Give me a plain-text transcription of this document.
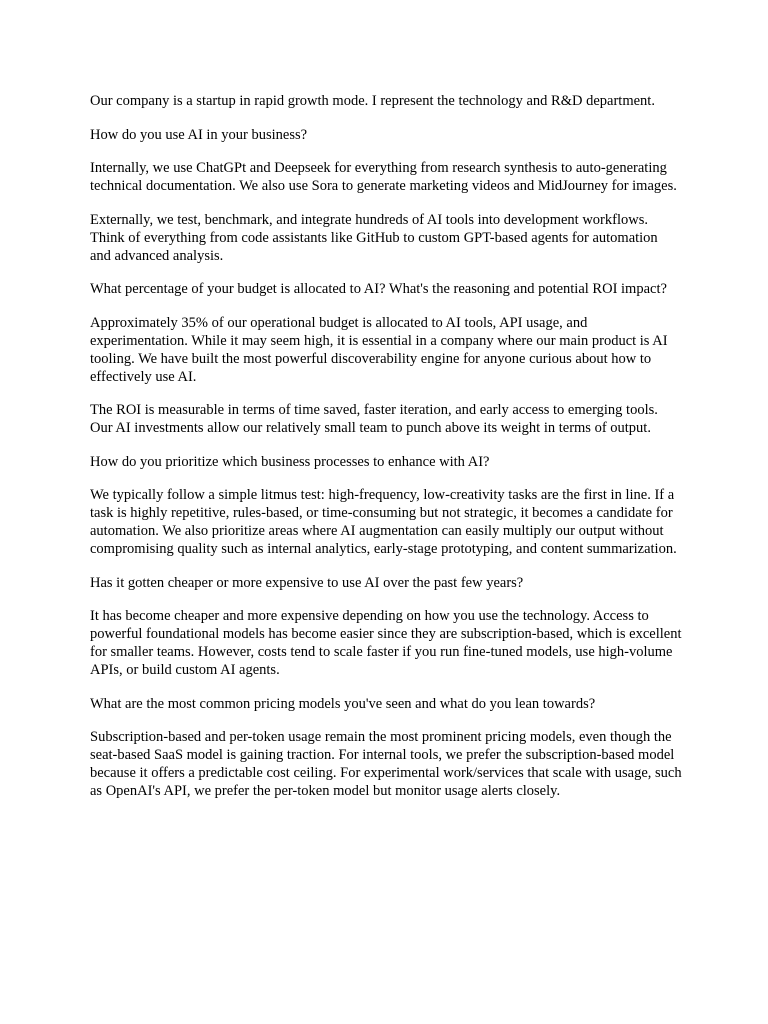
Our company is a startup in rapid growth mode. I represent the technology and R&D department.

How do you use AI in your business?

Internally, we use ChatGPt and Deepseek for everything from research synthesis to auto-generating technical documentation. We also use Sora to generate marketing videos and MidJourney for images.

Externally, we test, benchmark, and integrate hundreds of AI tools into development workflows. Think of everything from code assistants like GitHub to custom GPT-based agents for automation and advanced analysis.

What percentage of your budget is allocated to AI? What's the reasoning and potential ROI impact?

Approximately 35% of our operational budget is allocated to AI tools, API usage, and experimentation. While it may seem high, it is essential in a company where our main product is AI tooling. We have built the most powerful discoverability engine for anyone curious about how to effectively use AI.

The ROI is measurable in terms of time saved, faster iteration, and early access to emerging tools. Our AI investments allow our relatively small team to punch above its weight in terms of output.

How do you prioritize which business processes to enhance with AI?

We typically follow a simple litmus test: high-frequency, low-creativity tasks are the first in line. If a task is highly repetitive, rules-based, or time-consuming but not strategic, it becomes a candidate for automation. We also prioritize areas where AI augmentation can easily multiply our output without compromising quality such as internal analytics, early-stage prototyping, and content summarization.

Has it gotten cheaper or more expensive to use AI over the past few years?

It has become cheaper and more expensive depending on how you use the technology. Access to powerful foundational models has become easier since they are subscription-based, which is excellent for smaller teams. However, costs tend to scale faster if you run fine-tuned models, use high-volume APIs, or build custom AI agents.

What are the most common pricing models you've seen and what do you lean towards?

Subscription-based and per-token usage remain the most prominent pricing models, even though the seat-based SaaS model is gaining traction. For internal tools, we prefer the subscription-based model because it offers a predictable cost ceiling. For experimental work/services that scale with usage, such as OpenAI's API, we prefer the per-token model but monitor usage alerts closely.
